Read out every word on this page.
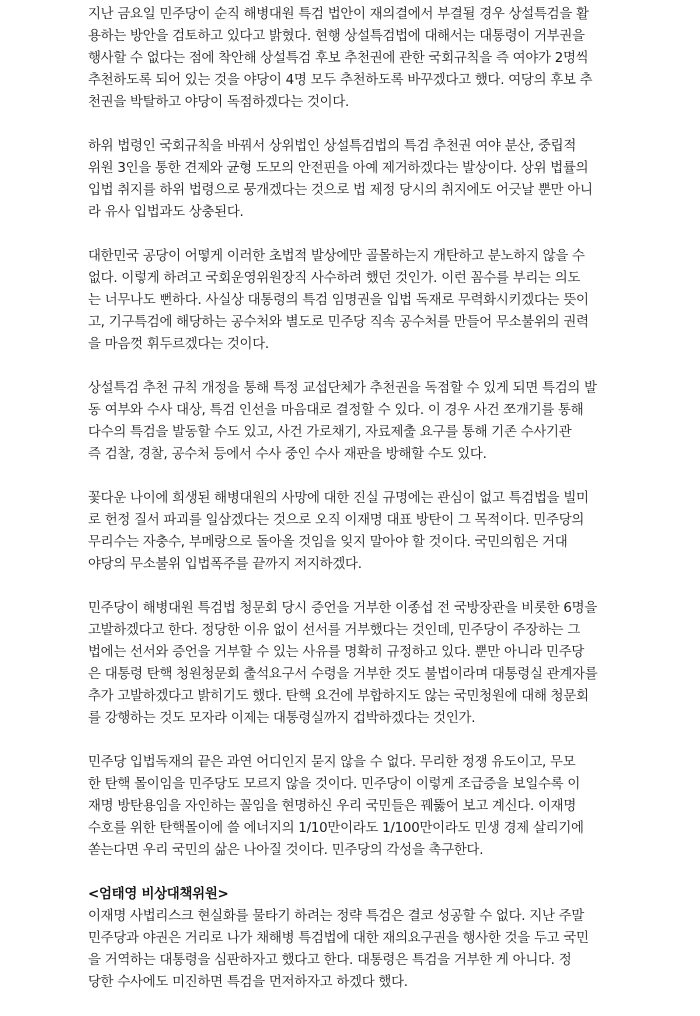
지난 금요일 민주당이 순직 해병대원 특검 법안이 재의결에서 부결될 경우 상설특검을 활
용하는 방안을 검토하고 있다고 밝혔다. 현행 상설특검법에 대해서는 대통령이 거부권을
행사할 수 없다는 점에 착안해 상설특검 후보 추천권에 관한 국회규칙을 즉 여야가 2명씩
추천하도록 되어 있는 것을 야당이 4명 모두 추천하도록 바꾸겠다고 했다. 여당의 후보 추
천권을 박탈하고 야당이 독점하겠다는 것이다.
하위 법령인 국회규칙을 바꿔서 상위법인 상설특검법의 특검 추천권 여야 분산, 중립적
위원 3인을 통한 견제와 균형 도모의 안전핀을 아예 제거하겠다는 발상이다. 상위 법률의
입법 취지를 하위 법령으로 뭉개겠다는 것으로 법 제정 당시의 취지에도 어긋날 뿐만 아니
라 유사 입법과도 상충된다.
대한민국 공당이 어떻게 이러한 초법적 발상에만 골몰하는지 개탄하고 분노하지 않을 수
없다. 이렇게 하려고 국회운영위원장직 사수하려 했던 것인가. 이런 꼼수를 부리는 의도
는 너무나도 뻔하다. 사실상 대통령의 특검 임명권을 입법 독재로 무력화시키겠다는 뜻이
고, 기구특검에 해당하는 공수처와 별도로 민주당 직속 공수처를 만들어 무소불위의 권력
을 마음껏 휘두르겠다는 것이다.
상설특검 추천 규칙 개정을 통해 특정 교섭단체가 추천권을 독점할 수 있게 되면 특검의 발
동 여부와 수사 대상, 특검 인선을 마음대로 결정할 수 있다. 이 경우 사건 쪼개기를 통해
다수의 특검을 발동할 수도 있고, 사건 가로채기, 자료제출 요구를 통해 기존 수사기관
즉 검찰, 경찰, 공수처 등에서 수사 중인 수사 재판을 방해할 수도 있다.
꽃다운 나이에 희생된 해병대원의 사망에 대한 진실 규명에는 관심이 없고 특검법을 빌미
로 헌정 질서 파괴를 일삼겠다는 것으로 오직 이재명 대표 방탄이 그 목적이다. 민주당의
무리수는 자충수, 부메랑으로 돌아올 것임을 잊지 말아야 할 것이다. 국민의힘은 거대
야당의 무소불위 입법폭주를 끝까지 저지하겠다.
민주당이 해병대원 특검법 청문회 당시 증언을 거부한 이종섭 전 국방장관을 비롯한 6명을
고발하겠다고 한다. 정당한 이유 없이 선서를 거부했다는 것인데, 민주당이 주장하는 그
법에는 선서와 증언을 거부할 수 있는 사유를 명확히 규정하고 있다. 뿐만 아니라 민주당
은 대통령 탄핵 청원청문회 출석요구서 수령을 거부한 것도 불법이라며 대통령실 관계자를
추가 고발하겠다고 밝히기도 했다. 탄핵 요건에 부합하지도 않는 국민청원에 대해 청문회
를 강행하는 것도 모자라 이제는 대통령실까지 겁박하겠다는 것인가.
민주당 입법독재의 끝은 과연 어디인지 묻지 않을 수 없다. 무리한 정쟁 유도이고, 무모
한 탄핵 몰이임을 민주당도 모르지 않을 것이다. 민주당이 이렇게 조급증을 보일수록 이
재명 방탄용임을 자인하는 꼴임을 현명하신 우리 국민들은 꿰뚫어 보고 계신다. 이재명
수호를 위한 탄핵몰이에 쓸 에너지의 1/10만이라도 1/100만이라도 민생 경제 살리기에
쏟는다면 우리 국민의 삶은 나아질 것이다. 민주당의 각성을 촉구한다.
<엄태영 비상대책위원>
이재명 사법리스크 현실화를 물타기 하려는 정략 특검은 결코 성공할 수 없다. 지난 주말
민주당과 야권은 거리로 나가 채해병 특검법에 대한 재의요구권을 행사한 것을 두고 국민
을 거역하는 대통령을 심판하자고 했다고 한다. 대통령은 특검을 거부한 게 아니다. 정
당한 수사에도 미진하면 특검을 먼저하자고 하겠다 했다.
